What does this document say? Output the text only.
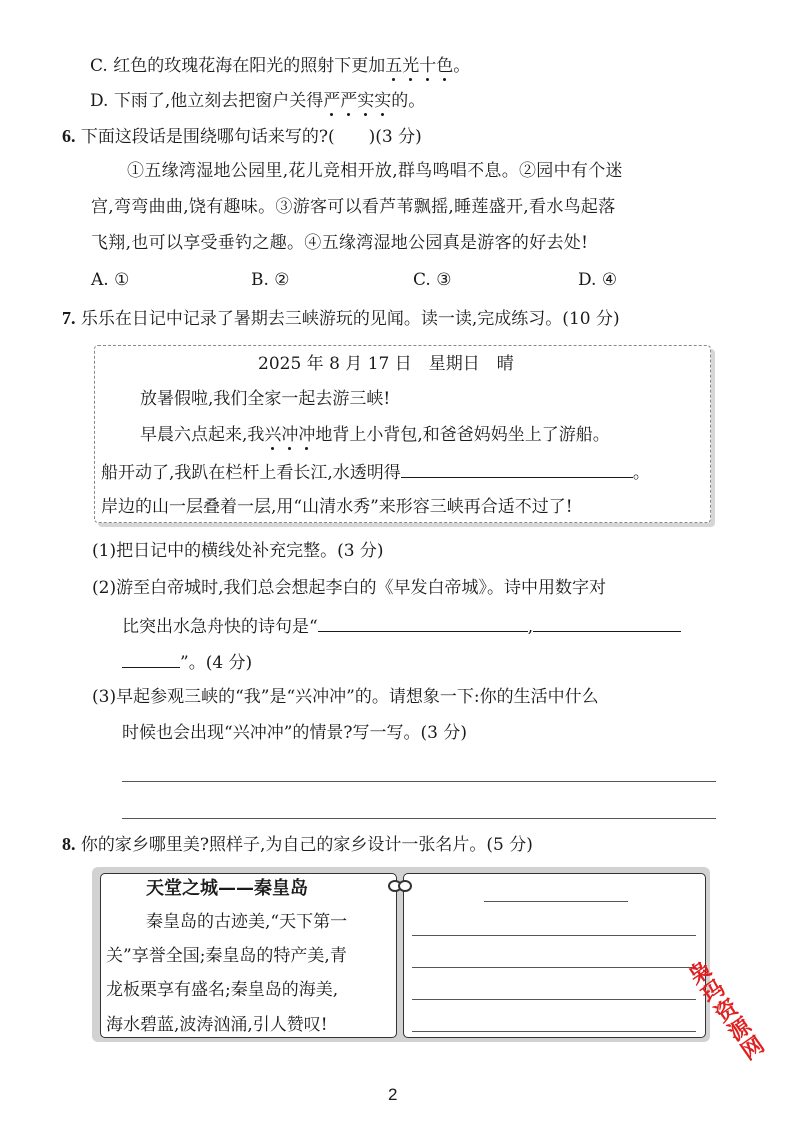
C. 红色的玫瑰花海在阳光的照射下更加五光十色。
D. 下雨了,他立刻去把窗户关得严严实实的。
6. 下面这段话是围绕哪句话来写的?(　　)(3 分)
①五缘湾湿地公园里,花儿竞相开放,群鸟鸣唱不息。②园中有个迷
宫,弯弯曲曲,饶有趣味。③游客可以看芦苇飘摇,睡莲盛开,看水鸟起落
飞翔,也可以享受垂钓之趣。④五缘湾湿地公园真是游客的好去处!
A. ①	B. ②	C. ③	D. ④
7. 乐乐在日记中记录了暑期去三峡游玩的见闻。读一读,完成练习。(10 分)
2025 年 8 月 17 日　星期日　晴
放暑假啦,我们全家一起去游三峡!
早晨六点起来,我兴冲冲地背上小背包,和爸爸妈妈坐上了游船。
船开动了,我趴在栏杆上看长江,水透明得	。
岸边的山一层叠着一层,用“山清水秀”来形容三峡再合适不过了!
(1)把日记中的横线处补充完整。(3 分)
(2)游至白帝城时,我们总会想起李白的《早发白帝城》。诗中用数字对
比突出水急舟快的诗句是“	,
”。(4 分)
(3)早起参观三峡的“我”是“兴冲冲”的。请想象一下:你的生活中什么
时候也会出现“兴冲冲”的情景?写一写。(3 分)
8. 你的家乡哪里美?照样子,为自己的家乡设计一张名片。(5 分)
天堂之城——秦皇岛
秦皇岛的古迹美,“天下第一
关”享誉全国;秦皇岛的特产美,青
龙板栗享有盛名;秦皇岛的海美,
海水碧蓝,波涛汹涌,引人赞叹!	枭玛资源网
2
